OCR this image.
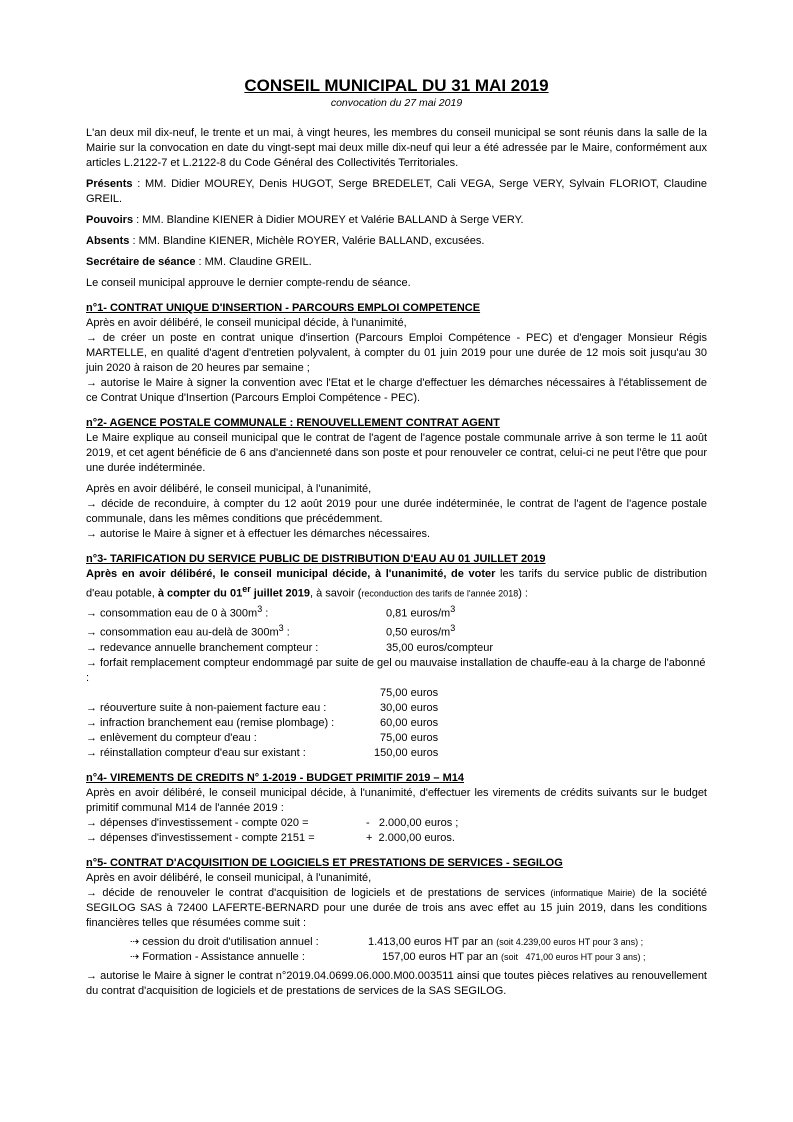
CONSEIL MUNICIPAL DU 31 MAI 2019
convocation du 27 mai 2019

L'an deux mil dix-neuf, le trente et un mai, à vingt heures, les membres du conseil municipal se sont réunis dans la salle de la Mairie sur la convocation en date du vingt-sept mai deux mille dix-neuf qui leur a été adressée par le Maire, conformément aux articles L.2122-7 et L.2122-8 du Code Général des Collectivités Territoriales.

Présents : MM. Didier MOUREY, Denis HUGOT, Serge BREDELET, Cali VEGA, Serge VERY, Sylvain FLORIOT, Claudine GREIL.

Pouvoirs : MM. Blandine KIENER à Didier MOUREY et Valérie BALLAND à Serge VERY.

Absents : MM. Blandine KIENER, Michèle ROYER, Valérie BALLAND, excusées.

Secrétaire de séance : MM. Claudine GREIL.

Le conseil municipal approuve le dernier compte-rendu de séance.

n°1- CONTRAT UNIQUE D'INSERTION - PARCOURS EMPLOI COMPETENCE

Après en avoir délibéré, le conseil municipal décide, à l'unanimité,

→ de créer un poste en contrat unique d'insertion (Parcours Emploi Compétence - PEC) et d'engager Monsieur Régis MARTELLE, en qualité d'agent d'entretien polyvalent, à compter du 01 juin 2019 pour une durée de 12 mois soit jusqu'au 30 juin 2020 à raison de 20 heures par semaine ;

→ autorise le Maire à signer la convention avec l'Etat et le charge d'effectuer les démarches nécessaires à l'établissement de ce Contrat Unique d'Insertion (Parcours Emploi Compétence - PEC).

n°2- AGENCE POSTALE COMMUNALE : RENOUVELLEMENT CONTRAT AGENT

Le Maire explique au conseil municipal que le contrat de l'agent de l'agence postale communale arrive à son terme le 11 août 2019, et cet agent bénéficie de 6 ans d'ancienneté dans son poste et pour renouveler ce contrat, celui-ci ne peut l'être que pour une durée indéterminée.

Après en avoir délibéré, le conseil municipal, à l'unanimité,

→ décide de reconduire, à compter du 12 août 2019 pour une durée indéterminée, le contrat de l'agent de l'agence postale communale, dans les mêmes conditions que précédemment.

→ autorise le Maire à signer et à effectuer les démarches nécessaires.

n°3- TARIFICATION DU SERVICE PUBLIC DE DISTRIBUTION D'EAU AU 01 JUILLET 2019

Après en avoir délibéré, le conseil municipal décide, à l'unanimité, de voter les tarifs du service public de distribution d'eau potable, à compter du 01er juillet 2019, à savoir (reconduction des tarifs de l'année 2018) :

→ consommation eau de 0 à $300m^3$ :	0,81 euros/$m^3$
→ consommation eau au-delà de $300m^3$ :	0,50 euros/$m^3$
→ redevance annuelle branchement compteur :	35,00 euros/compteur
→ forfait remplacement compteur endommagé par suite de gel ou mauvaise installation de chauffe-eau à la charge de l'abonné :
75,00 euros
→ réouverture suite à non-paiement facture eau :	30,00 euros
→ infraction branchement eau (remise plombage) :	60,00 euros
→ enlèvement du compteur d'eau :	75,00 euros
→ réinstallation compteur d'eau sur existant :	150,00 euros
n°4- VIREMENTS DE CREDITS N° 1-2019 - BUDGET PRIMITIF 2019 – M14

Après en avoir délibéré, le conseil municipal décide, à l'unanimité, d'effectuer les virements de crédits suivants sur le budget primitif communal M14 de l'année 2019 :

→ dépenses d'investissement - compte 020 =	-   2.000,00 euros ;
→ dépenses d'investissement - compte 2151 =	+  2.000,00 euros.
n°5- CONTRAT D'ACQUISITION DE LOGICIELS ET PRESTATIONS DE SERVICES - SEGILOG

Après en avoir délibéré, le conseil municipal, à l'unanimité,

→ décide de renouveler le contrat d'acquisition de logiciels et de prestations de services (informatique Mairie) de la société SEGILOG SAS à 72400 LAFERTE-BERNARD pour une durée de trois ans avec effet au 15 juin 2019, dans les conditions financières telles que résumées comme suit :

⇢ cession du droit d'utilisation annuel :	1.413,00 euros HT par an (soit 4.239,00 euros HT pour 3 ans) ;
⇢ Formation - Assistance annuelle :	157,00 euros HT par an (soit   471,00 euros HT pour 3 ans) ;

→ autorise le Maire à signer le contrat n°2019.04.0699.06.000.M00.003511 ainsi que toutes pièces relatives au renouvellement du contrat d'acquisition de logiciels et de prestations de services de la SAS SEGILOG.
